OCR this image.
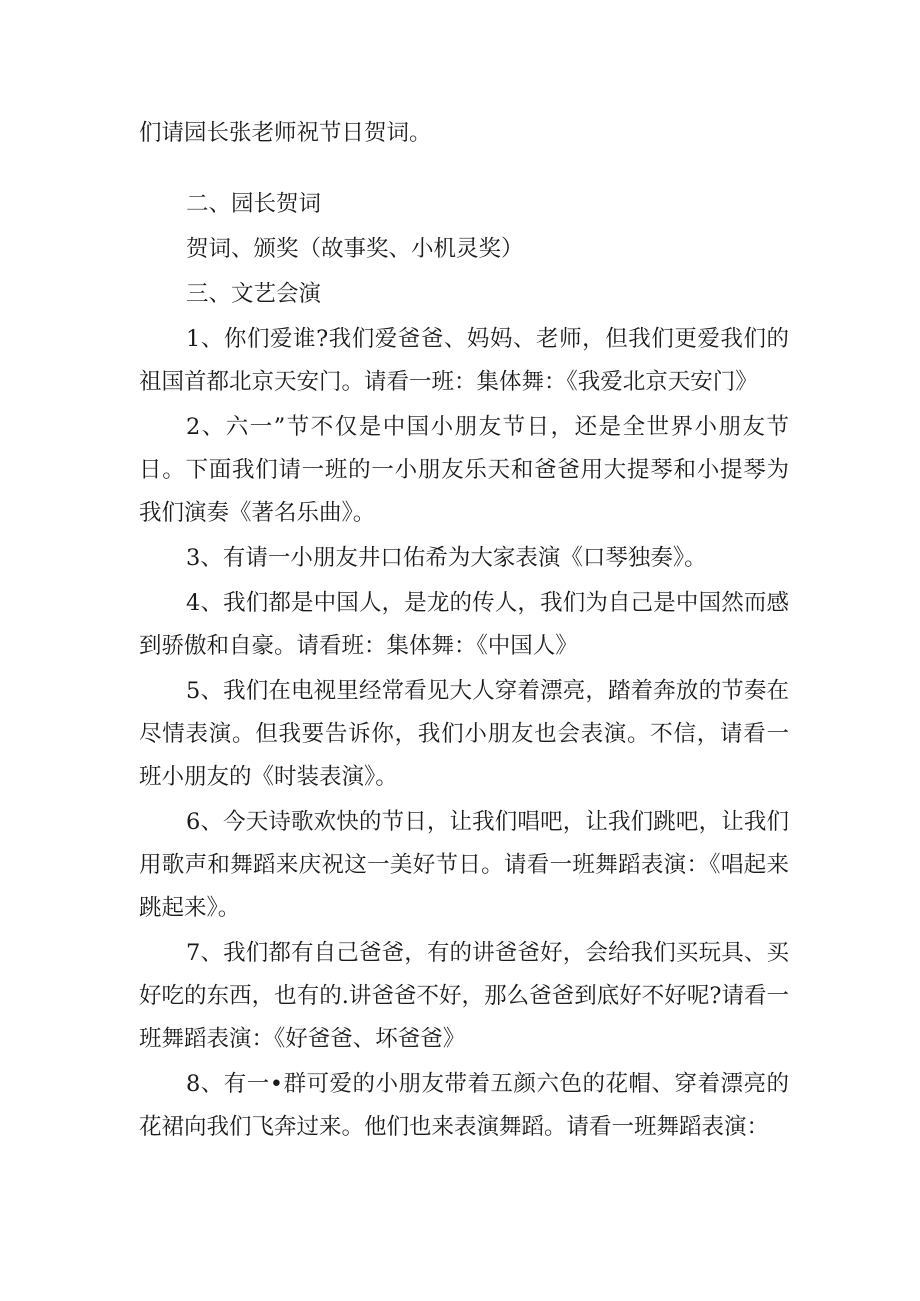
们请园长张老师祝节日贺词。

二、园长贺词

贺词、颁奖（故事奖、小机灵奖）

三、文艺会演

1、你们爱谁?我们爱爸爸、妈妈、老师，但我们更爱我们的祖国首都北京天安门。请看一班：集体舞：《我爱北京天安门》

2、六一”节不仅是中国小朋友节日，还是全世界小朋友节日。下面我们请一班的一小朋友乐天和爸爸用大提琴和小提琴为我们演奏《著名乐曲》。

3、有请一小朋友井口佑希为大家表演《口琴独奏》。

4、我们都是中国人，是龙的传人，我们为自己是中国然而感到骄傲和自豪。请看班：集体舞：《中国人》

5、我们在电视里经常看见大人穿着漂亮，踏着奔放的节奏在尽情表演。但我要告诉你，我们小朋友也会表演。不信，请看一班小朋友的《时装表演》。

6、今天诗歌欢快的节日，让我们唱吧，让我们跳吧，让我们用歌声和舞蹈来庆祝这一美好节日。请看一班舞蹈表演：《唱起来跳起来》。

7、我们都有自己爸爸，有的讲爸爸好，会给我们买玩具、买好吃的东西，也有的.讲爸爸不好，那么爸爸到底好不好呢?请看一班舞蹈表演：《好爸爸、坏爸爸》

8、有一•群可爱的小朋友带着五颜六色的花帽、穿着漂亮的花裙向我们飞奔过来。他们也来表演舞蹈。请看一班舞蹈表演：
